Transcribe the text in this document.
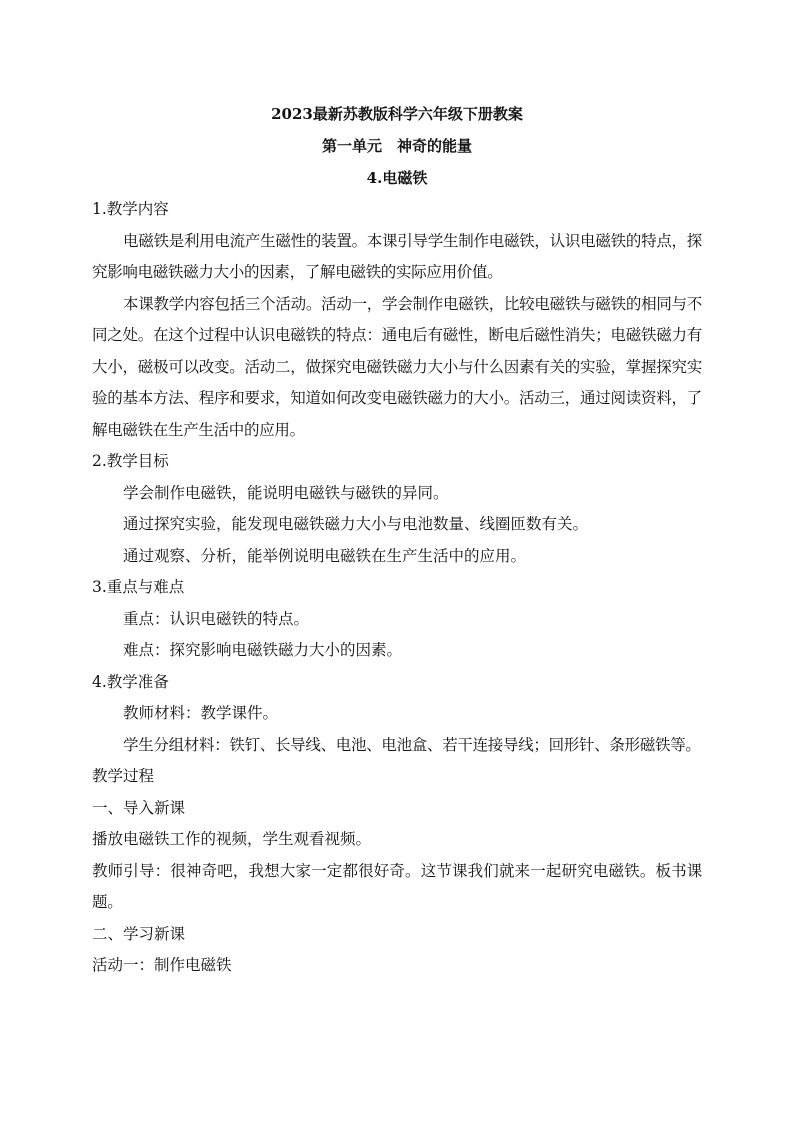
2023最新苏教版科学六年级下册教案
第一单元　神奇的能量
4.电磁铁

1.教学内容

电磁铁是利用电流产生磁性的装置。本课引导学生制作电磁铁，认识电磁铁的特点，探究影响电磁铁磁力大小的因素，了解电磁铁的实际应用价值。

本课教学内容包括三个活动。活动一，学会制作电磁铁，比较电磁铁与磁铁的相同与不同之处。在这个过程中认识电磁铁的特点：通电后有磁性，断电后磁性消失；电磁铁磁力有大小，磁极可以改变。活动二，做探究电磁铁磁力大小与什么因素有关的实验，掌握探究实验的基本方法、程序和要求，知道如何改变电磁铁磁力的大小。活动三，通过阅读资料，了解电磁铁在生产生活中的应用。

2.教学目标

学会制作电磁铁，能说明电磁铁与磁铁的异同。

通过探究实验，能发现电磁铁磁力大小与电池数量、线圈匝数有关。

通过观察、分析，能举例说明电磁铁在生产生活中的应用。

3.重点与难点

重点：认识电磁铁的特点。

难点：探究影响电磁铁磁力大小的因素。

4.教学准备

教师材料：教学课件。

学生分组材料：铁钉、长导线、电池、电池盒、若干连接导线；回形针、条形磁铁等。

教学过程

一、导入新课

播放电磁铁工作的视频，学生观看视频。

教师引导：很神奇吧，我想大家一定都很好奇。这节课我们就来一起研究电磁铁。板书课题。

二、学习新课

活动一：制作电磁铁
